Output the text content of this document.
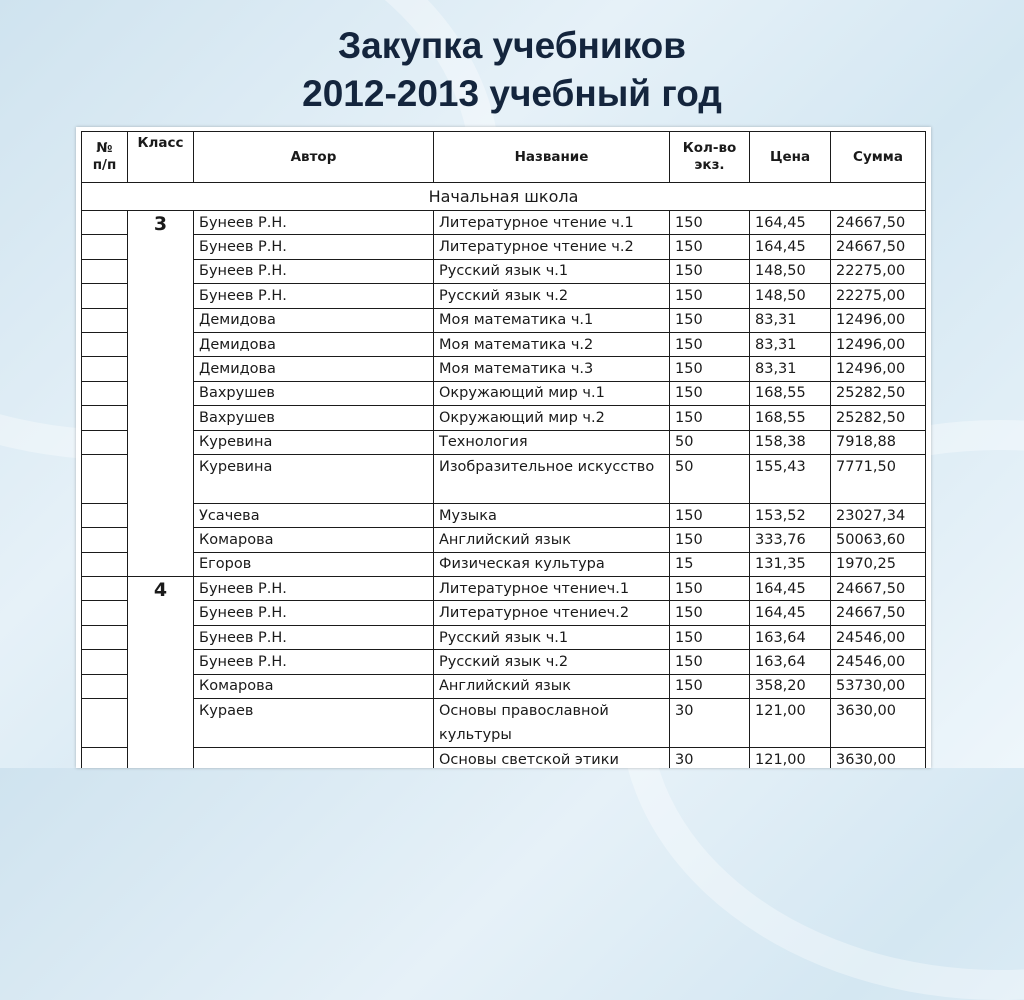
Закупка учебников
2012-2013 учебный год
№ п/п	Класс	Автор	Название	Кол-во экз.	Цена	Сумма
Начальная школа						
	3	Бунеев Р.Н.	Литературное чтение ч.1	150	164,45	24667,50
		Бунеев Р.Н.	Литературное чтение ч.2	150	164,45	24667,50
		Бунеев Р.Н.	Русский язык ч.1	150	148,50	22275,00
		Бунеев Р.Н.	Русский язык ч.2	150	148,50	22275,00
		Демидова	Моя математика ч.1	150	83,31	12496,00
		Демидова	Моя математика ч.2	150	83,31	12496,00
		Демидова	Моя математика ч.3	150	83,31	12496,00
		Вахрушев	Окружающий мир ч.1	150	168,55	25282,50
		Вахрушев	Окружающий мир ч.2	150	168,55	25282,50
		Куревина	Технология	50	158,38	7918,88
		Куревина	Изобразительное искусство	50	155,43	7771,50
		Усачева	Музыка	150	153,52	23027,34
		Комарова	Английский язык	150	333,76	50063,60
		Егоров	Физическая культура	15	131,35	1970,25
	4	Бунеев Р.Н.	Литературное чтениеч.1	150	164,45	24667,50
		Бунеев Р.Н.	Литературное чтениеч.2	150	164,45	24667,50
		Бунеев Р.Н.	Русский язык ч.1	150	163,64	24546,00
		Бунеев Р.Н.	Русский язык ч.2	150	163,64	24546,00
		Комарова	Английский язык	150	358,20	53730,00
		Кураев	Основы православной культуры	30	121,00	3630,00
			Основы светской этики	30	121,00	3630,00
